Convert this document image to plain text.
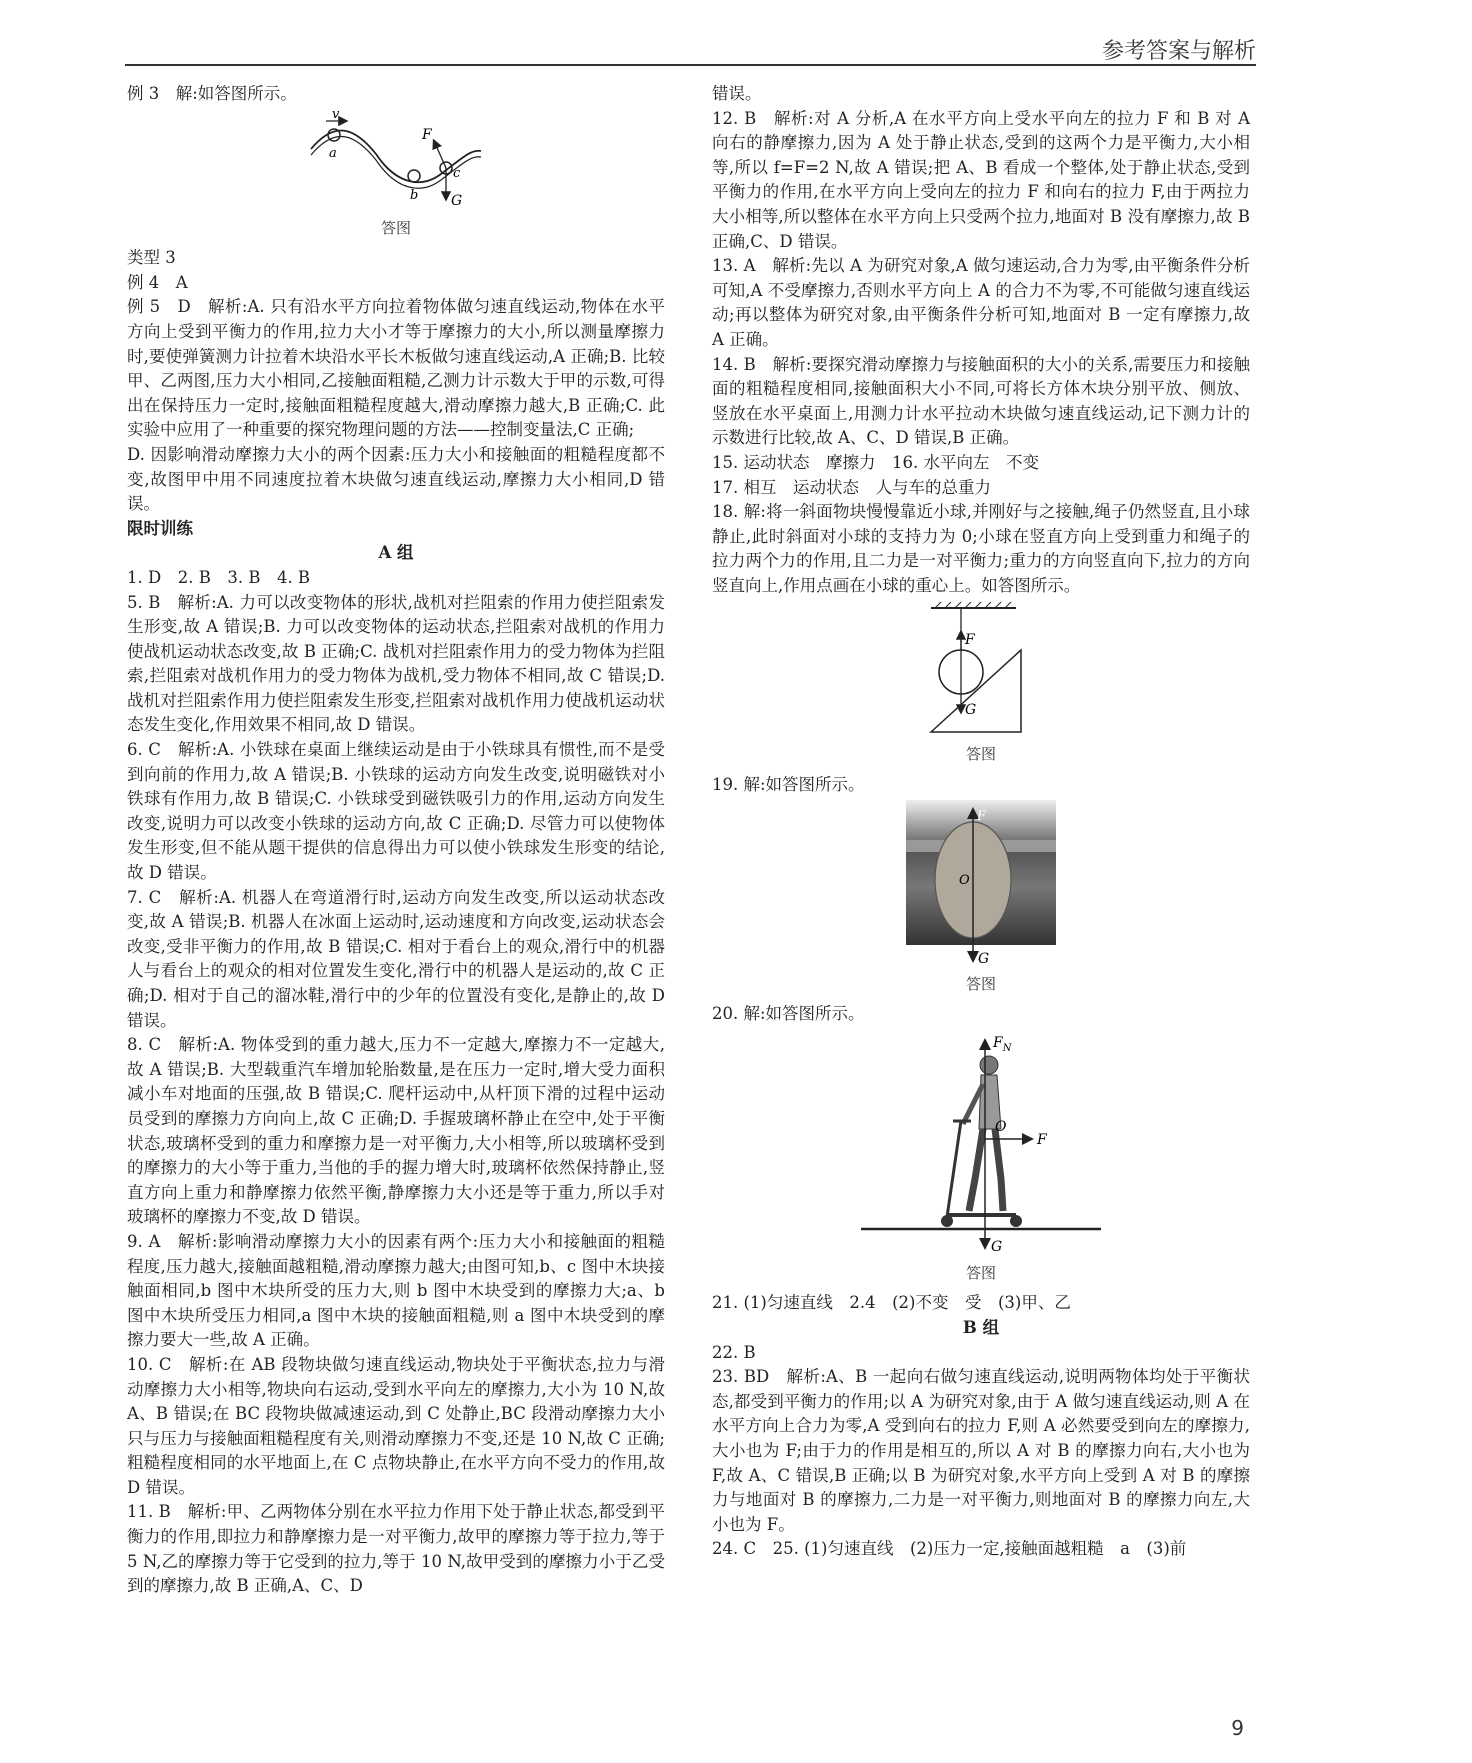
参考答案与解析

例 3　解:如答图所示。

v
F
a
b
c
G

答图

类型 3

例 4　A

例 5　D　解析:A. 只有沿水平方向拉着物体做匀速直线运动,物体在水平方向上受到平衡力的作用,拉力大小才等于摩擦力的大小,所以测量摩擦力时,要使弹簧测力计拉着木块沿水平长木板做匀速直线运动,A 正确;B. 比较甲、乙两图,压力大小相同,乙接触面粗糙,乙测力计示数大于甲的示数,可得出在保持压力一定时,接触面粗糙程度越大,滑动摩擦力越大,B 正确;C. 此实验中应用了一种重要的探究物理问题的方法——控制变量法,C 正确;

D. 因影响滑动摩擦力大小的两个因素:压力大小和接触面的粗糙程度都不变,故图甲中用不同速度拉着木块做匀速直线运动,摩擦力大小相同,D 错误。

限时训练

A 组

1. D　2. B　3. B　4. B

5. B　解析:A. 力可以改变物体的形状,战机对拦阻索的作用力使拦阻索发生形变,故 A 错误;B. 力可以改变物体的运动状态,拦阻索对战机的作用力使战机运动状态改变,故 B 正确;C. 战机对拦阻索作用力的受力物体为拦阻索,拦阻索对战机作用力的受力物体为战机,受力物体不相同,故 C 错误;D. 战机对拦阻索作用力使拦阻索发生形变,拦阻索对战机作用力使战机运动状态发生变化,作用效果不相同,故 D 错误。

6. C　解析:A. 小铁球在桌面上继续运动是由于小铁球具有惯性,而不是受到向前的作用力,故 A 错误;B. 小铁球的运动方向发生改变,说明磁铁对小铁球有作用力,故 B 错误;C. 小铁球受到磁铁吸引力的作用,运动方向发生改变,说明力可以改变小铁球的运动方向,故 C 正确;D. 尽管力可以使物体发生形变,但不能从题干提供的信息得出力可以使小铁球发生形变的结论,故 D 错误。

7. C　解析:A. 机器人在弯道滑行时,运动方向发生改变,所以运动状态改变,故 A 错误;B. 机器人在冰面上运动时,运动速度和方向改变,运动状态会改变,受非平衡力的作用,故 B 错误;C. 相对于看台上的观众,滑行中的机器人与看台上的观众的相对位置发生变化,滑行中的机器人是运动的,故 C 正确;D. 相对于自己的溜冰鞋,滑行中的少年的位置没有变化,是静止的,故 D 错误。

8. C　解析:A. 物体受到的重力越大,压力不一定越大,摩擦力不一定越大,故 A 错误;B. 大型载重汽车增加轮胎数量,是在压力一定时,增大受力面积减小车对地面的压强,故 B 错误;C. 爬杆运动中,从杆顶下滑的过程中运动员受到的摩擦力方向向上,故 C 正确;D. 手握玻璃杯静止在空中,处于平衡状态,玻璃杯受到的重力和摩擦力是一对平衡力,大小相等,所以玻璃杯受到的摩擦力的大小等于重力,当他的手的握力增大时,玻璃杯依然保持静止,竖直方向上重力和静摩擦力依然平衡,静摩擦力大小还是等于重力,所以手对玻璃杯的摩擦力不变,故 D 错误。

9. A　解析:影响滑动摩擦力大小的因素有两个:压力大小和接触面的粗糙程度,压力越大,接触面越粗糙,滑动摩擦力越大;由图可知,b、c 图中木块接触面相同,b 图中木块所受的压力大,则 b 图中木块受到的摩擦力大;a、b 图中木块所受压力相同,a 图中木块的接触面粗糙,则 a 图中木块受到的摩擦力要大一些,故 A 正确。

10. C　解析:在 AB 段物块做匀速直线运动,物块处于平衡状态,拉力与滑动摩擦力大小相等,物块向右运动,受到水平向左的摩擦力,大小为 10 N,故 A、B 错误;在 BC 段物块做减速运动,到 C 处静止,BC 段滑动摩擦力大小只与压力与接触面粗糙程度有关,则滑动摩擦力不变,还是 10 N,故 C 正确;粗糙程度相同的水平地面上,在 C 点物块静止,在水平方向不受力的作用,故 D 错误。

11. B　解析:甲、乙两物体分别在水平拉力作用下处于静止状态,都受到平衡力的作用,即拉力和静摩擦力是一对平衡力,故甲的摩擦力等于拉力,等于 5 N,乙的摩擦力等于它受到的拉力,等于 10 N,故甲受到的摩擦力小于乙受到的摩擦力,故 B 正确,A、C、D

错误。

12. B　解析:对 A 分析,A 在水平方向上受水平向左的拉力 F 和 B 对 A 向右的静摩擦力,因为 A 处于静止状态,受到的这两个力是平衡力,大小相等,所以 f=F=2 N,故 A 错误;把 A、B 看成一个整体,处于静止状态,受到平衡力的作用,在水平方向上受向左的拉力 F 和向右的拉力 F,由于两拉力大小相等,所以整体在水平方向上只受两个拉力,地面对 B 没有摩擦力,故 B 正确,C、D 错误。

13. A　解析:先以 A 为研究对象,A 做匀速运动,合力为零,由平衡条件分析可知,A 不受摩擦力,否则水平方向上 A 的合力不为零,不可能做匀速直线运动;再以整体为研究对象,由平衡条件分析可知,地面对 B 一定有摩擦力,故 A 正确。

14. B　解析:要探究滑动摩擦力与接触面积的大小的关系,需要压力和接触面的粗糙程度相同,接触面积大小不同,可将长方体木块分别平放、侧放、竖放在水平桌面上,用测力计水平拉动木块做匀速直线运动,记下测力计的示数进行比较,故 A、C、D 错误,B 正确。

15. 运动状态　摩擦力　16. 水平向左　不变

17. 相互　运动状态　人与车的总重力

18. 解:将一斜面物块慢慢靠近小球,并刚好与之接触,绳子仍然竖直,且小球静止,此时斜面对小球的支持力为 0;小球在竖直方向上受到重力和绳子的拉力两个力的作用,且二力是一对平衡力;重力的方向竖直向下,拉力的方向竖直向上,作用点画在小球的重心上。如答图所示。

F
G

答图

19. 解:如答图所示。

F
O
G

答图

20. 解:如答图所示。

$F_N$
O
F
G

答图

21. (1)匀速直线　2.4　(2)不变　受　(3)甲、乙

B 组

22. B

23. BD　解析:A、B 一起向右做匀速直线运动,说明两物体均处于平衡状态,都受到平衡力的作用;以 A 为研究对象,由于 A 做匀速直线运动,则 A 在水平方向上合力为零,A 受到向右的拉力 F,则 A 必然要受到向左的摩擦力,大小也为 F;由于力的作用是相互的,所以 A 对 B 的摩擦力向右,大小也为 F,故 A、C 错误,B 正确;以 B 为研究对象,水平方向上受到 A 对 B 的摩擦力与地面对 B 的摩擦力,二力是一对平衡力,则地面对 B 的摩擦力向左,大小也为 F。

24. C　25. (1)匀速直线　(2)压力一定,接触面越粗糙　a　(3)前

9
